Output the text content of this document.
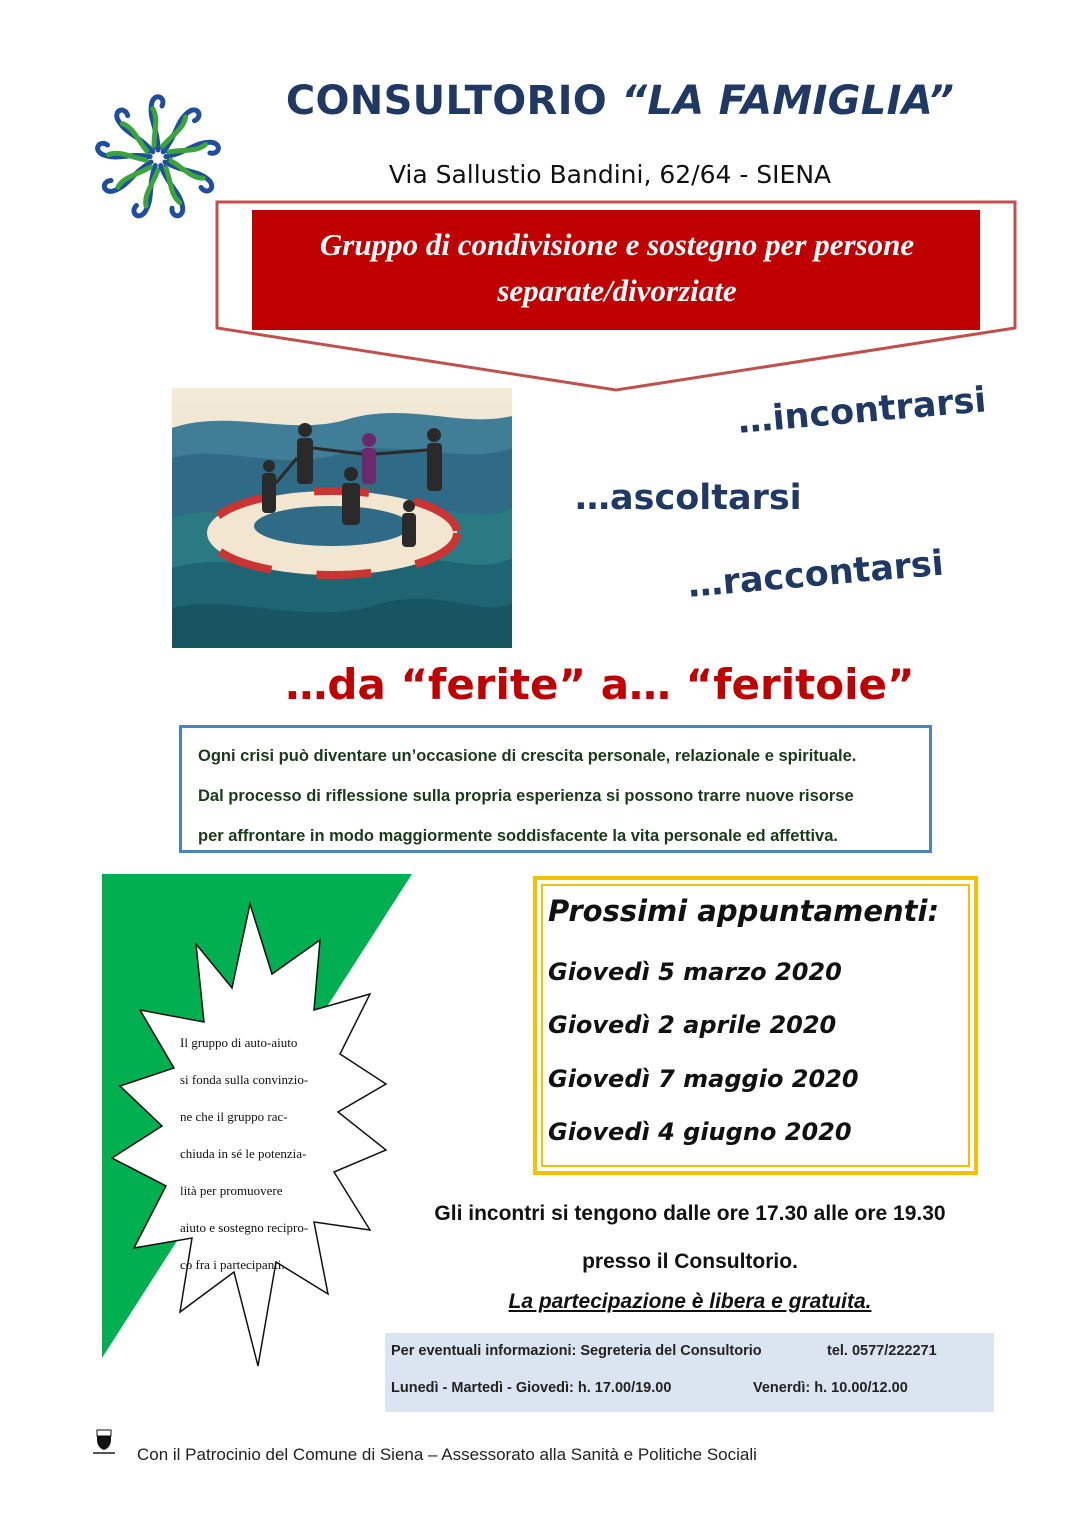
CONSULTORIO “LA FAMIGLIA”
Via Sallustio Bandini, 62/64 - SIENA
Gruppo di condivisione e sostegno per persone
separate/divorziate
…incontrarsi
…ascoltarsi
…raccontarsi
…da “ferite” a… “feritoie”

Ogni crisi può diventare un’occasione di crescita personale, relazionale e spirituale.

Dal processo di riflessione sulla propria esperienza si possono trarre nuove risorse

per affrontare in modo maggiormente soddisfacente la vita personale ed affettiva.

Il gruppo di auto-aiuto
si fonda sulla convinzio-
ne che il gruppo rac-
chiuda in sé le potenzia-
lità per promuovere
aiuto e sostegno recipro-
co fra i partecipanti.
Prossimi appuntamenti:
Giovedì 5 marzo 2020
Giovedì 2 aprile 2020
Giovedì 7 maggio 2020
Giovedì 4 giugno 2020
Gli incontri si tengono dalle ore 17.30 alle ore 19.30
presso il Consultorio.
La partecipazione è libera e gratuita.
Per eventuali informazioni: Segreteria del Consultorio	tel. 0577/222271
Lunedì - Martedì - Giovedì: h. 17.00/19.00	Venerdì: h. 10.00/12.00
Con il Patrocinio del Comune di Siena – Assessorato alla Sanità e Politiche Sociali
